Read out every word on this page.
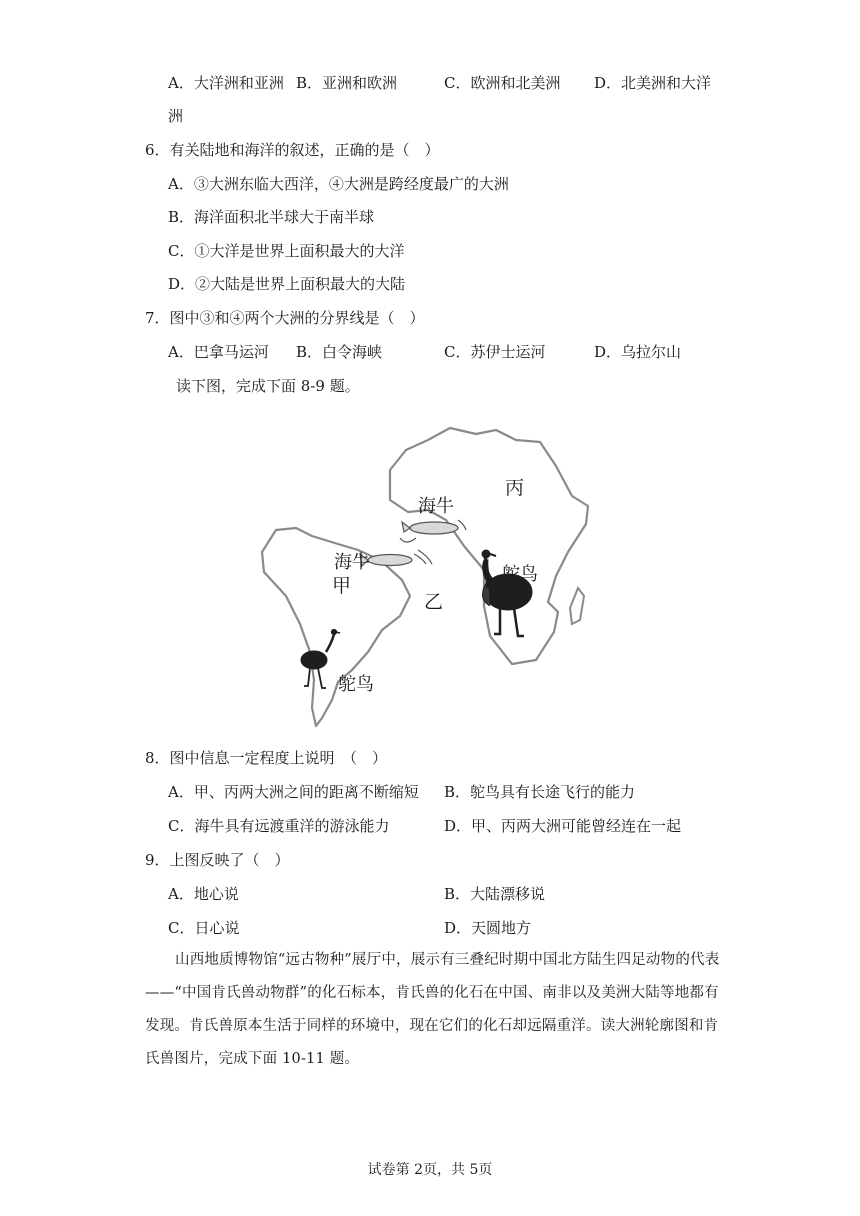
A．大洋洲和亚洲 B．亚洲和欧洲	C．欧洲和北美洲 D．北美洲和大洋
洲
6．有关陆地和海洋的叙述，正确的是（　）
A．③大洲东临大西洋，④大洲是跨经度最广的大洲
B．海洋面积北半球大于南半球
C．①大洋是世界上面积最大的大洋
D．②大陆是世界上面积最大的大陆
7．图中③和④两个大洲的分界线是（　）
A．巴拿马运河 B．白令海峡	C．苏伊士运河	D．乌拉尔山
读下图，完成下面 8-9 题。
丙
海牛
海牛
甲
乙
鸵鸟
鸵鸟
8．图中信息一定程度上说明　（　）
A．甲、丙两大洲之间的距离不断缩短 B．鸵鸟具有长途飞行的能力
C．海牛具有远渡重洋的游泳能力	D．甲、丙两大洲可能曾经连在一起
9．上图反映了（　）
A．地心说	B．大陆漂移说
C．日心说	D．天圆地方
山西地质博物馆“远古物种”展厅中，展示有三叠纪时期中国北方陆生四足动物的代表——“中国肯氏兽动物群”的化石标本，肯氏兽的化石在中国、南非以及美洲大陆等地都有发现。肯氏兽原本生活于同样的环境中，现在它们的化石却远隔重洋。读大洲轮廓图和肯氏兽图片，完成下面 10-11 题。
试卷第 2页，共 5页
